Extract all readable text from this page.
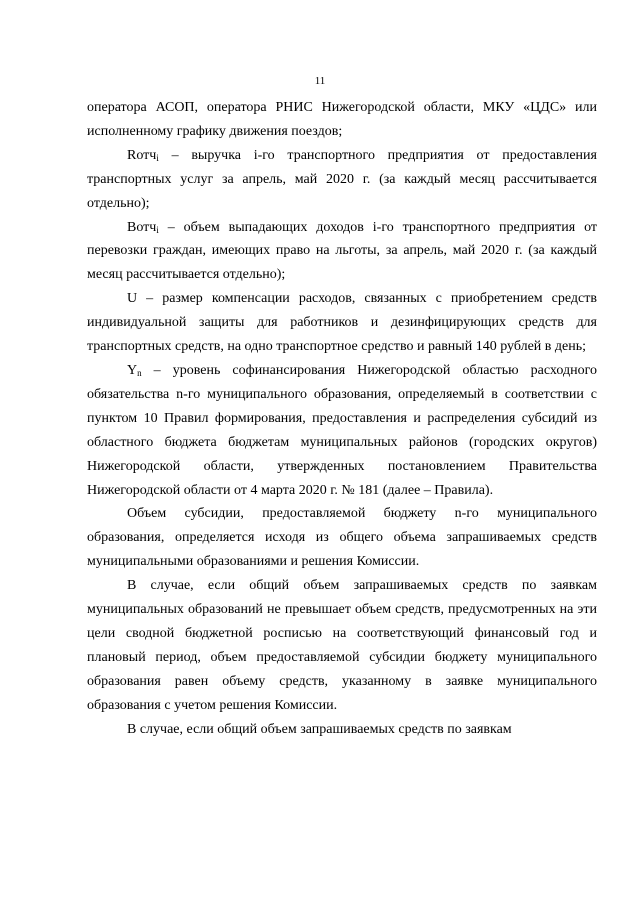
11

оператора АСОП, оператора РНИС Нижегородской области, МКУ «ЦДС» или исполненному графику движения поездов;

Rотч$_i$ – выручка i-го транспортного предприятия от предоставления транспортных услуг за апрель, май 2020 г. (за каждый месяц рассчитывается отдельно);

Вотч$_i$ – объем выпадающих доходов i-го транспортного предприятия от перевозки граждан, имеющих право на льготы, за апрель, май 2020 г. (за каждый месяц рассчитывается отдельно);

U – размер компенсации расходов, связанных с приобретением средств индивидуальной защиты для работников и дезинфицирующих средств для транспортных средств, на одно транспортное средство и равный 140 рублей в день;

$Y_n$ – уровень софинансирования Нижегородской областью расходного обязательства n-го муниципального образования, определяемый в соответствии с пунктом 10 Правил формирования, предоставления и распределения субсидий из областного бюджета бюджетам муниципальных районов (городских округов) Нижегородской области, утвержденных постановлением Правительства Нижегородской области от 4 марта 2020 г. № 181 (далее – Правила).

Объем субсидии, предоставляемой бюджету n-го муниципального образования, определяется исходя из общего объема запрашиваемых средств муниципальными образованиями и решения Комиссии.

В случае, если общий объем запрашиваемых средств по заявкам муниципальных образований не превышает объем средств, предусмотренных на эти цели сводной бюджетной росписью на соответствующий финансовый год и плановый период, объем предоставляемой субсидии бюджету муниципального образования равен объему средств, указанному в заявке муниципального образования с учетом решения Комиссии.

В случае, если общий объем запрашиваемых средств по заявкам
